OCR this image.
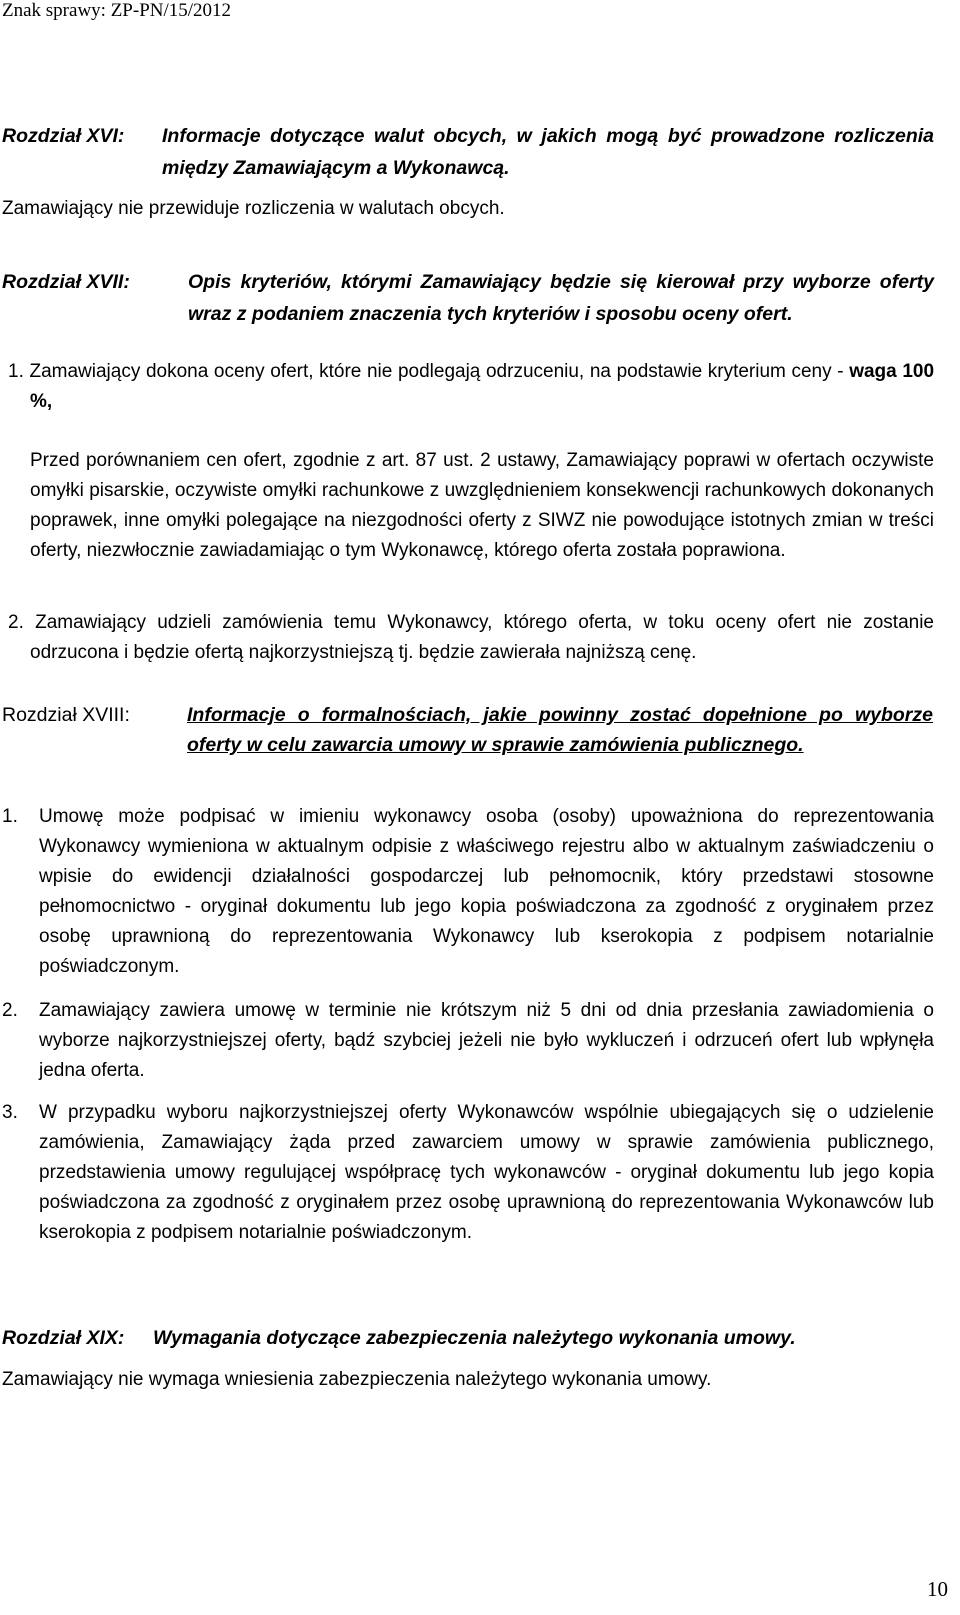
Znak sprawy: ZP-PN/15/2012
Rozdział XVI: Informacje dotyczące walut obcych, w jakich mogą być prowadzone rozliczenia między Zamawiającym a Wykonawcą.
Zamawiający nie przewiduje rozliczenia w walutach obcych.
Rozdział XVII:	Opis kryteriów, którymi Zamawiający będzie się kierował przy wyborze oferty wraz z podaniem znaczenia tych kryteriów i sposobu oceny ofert.
1. Zamawiający dokona oceny ofert, które nie podlegają odrzuceniu, na podstawie kryterium ceny - waga 100 %,
Przed porównaniem cen ofert, zgodnie z art. 87 ust. 2 ustawy, Zamawiający poprawi w ofertach oczywiste omyłki pisarskie, oczywiste omyłki rachunkowe z uwzględnieniem konsekwencji rachunkowych dokonanych poprawek, inne omyłki polegające na niezgodności oferty z SIWZ nie powodujące istotnych zmian w treści oferty, niezwłocznie zawiadamiając o tym Wykonawcę, którego oferta została poprawiona.
2. Zamawiający udzieli zamówienia temu Wykonawcy, którego oferta, w toku oceny ofert nie zostanie odrzucona i będzie ofertą najkorzystniejszą tj. będzie zawierała najniższą cenę.
Rozdział XVIII:	Informacje o formalnościach, jakie powinny zostać dopełnione po wyborze oferty w celu zawarcia umowy w sprawie zamówienia publicznego.
1. Umowę może podpisać w imieniu wykonawcy osoba (osoby) upoważniona do reprezentowania Wykonawcy wymieniona w aktualnym odpisie z właściwego rejestru albo w aktualnym zaświadczeniu o wpisie do ewidencji działalności gospodarczej lub pełnomocnik, który przedstawi stosowne pełnomocnictwo - oryginał dokumentu lub jego kopia poświadczona za zgodność z oryginałem przez osobę uprawnioną do reprezentowania Wykonawcy lub kserokopia z podpisem notarialnie poświadczonym.
2. Zamawiający zawiera umowę w terminie nie krótszym niż 5 dni od dnia przesłania zawiadomienia o wyborze najkorzystniejszej oferty, bądź szybciej jeżeli nie było wykluczeń i odrzuceń ofert lub wpłynęła jedna oferta.
3. W przypadku wyboru najkorzystniejszej oferty Wykonawców wspólnie ubiegających się o udzielenie zamówienia, Zamawiający żąda przed zawarciem umowy w sprawie zamówienia publicznego, przedstawienia umowy regulującej współpracę tych wykonawców - oryginał dokumentu lub jego kopia poświadczona za zgodność z oryginałem przez osobę uprawnioną do reprezentowania Wykonawców lub kserokopia z podpisem notarialnie poświadczonym.
Rozdział XIX: Wymagania dotyczące zabezpieczenia należytego wykonania umowy.
Zamawiający nie wymaga wniesienia zabezpieczenia należytego wykonania umowy.
10
